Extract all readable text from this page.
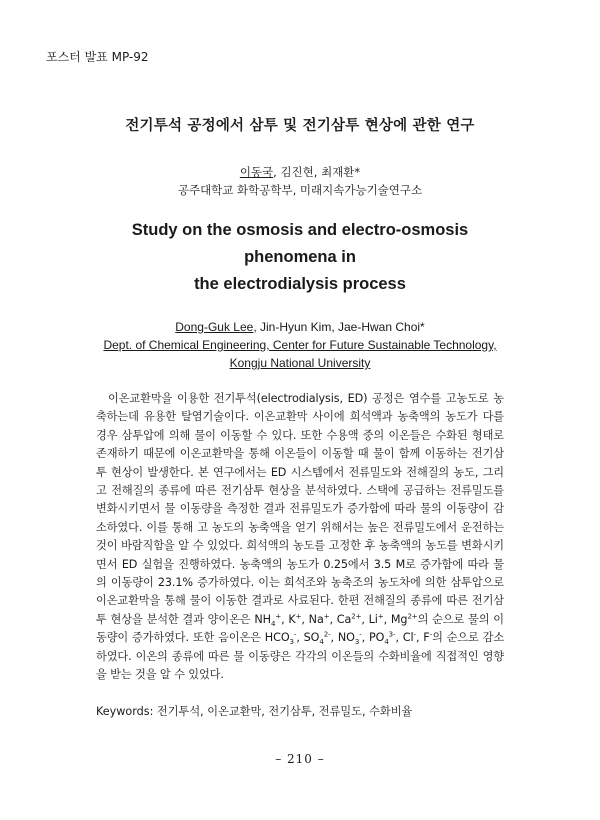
포스터 발표 MP-92
전기투석 공정에서 삼투 및 전기삼투 현상에 관한 연구
이동국, 김진현, 최재환*
공주대학교 화학공학부, 미래지속가능기술연구소
Study on the osmosis and electro-osmosis phenomena in
the electrodialysis process
Dong-Guk Lee, Jin-Hyun Kim, Jae-Hwan Choi*
Dept. of Chemical Engineering, Center for Future Sustainable Technology,
Kongju National University
이온교환막을 이용한 전기투석(electrodialysis, ED) 공정은 염수를 고농도로 농축하는데 유용한 탈염기술이다. 이온교환막 사이에 희석액과 농축액의 농도가 다를 경우 삼투압에 의해 물이 이동할 수 있다. 또한 수용액 중의 이온들은 수화된 형태로 존재하기 때문에 이온교환막을 통해 이온들이 이동할 때 물이 함께 이동하는 전기삼투 현상이 발생한다. 본 연구에서는 ED 시스템에서 전류밀도와 전해질의 농도, 그리고 전해질의 종류에 따른 전기삼투 현상을 분석하였다. 스택에 공급하는 전류밀도를 변화시키면서 물 이동량을 측정한 결과 전류밀도가 증가함에 따라 물의 이동량이 감소하였다. 이를 통해 고 농도의 농축액을 얻기 위해서는 높은 전류밀도에서 운전하는 것이 바람직함을 알 수 있었다. 희석액의 농도를 고정한 후 농축액의 농도를 변화시키면서 ED 실험을 진행하였다. 농축액의 농도가 0.25에서 3.5 M로 증가함에 따라 물의 이동량이 23.1% 증가하였다. 이는 희석조와 농축조의 농도차에 의한 삼투압으로 이온교환막을 통해 물이 이동한 결과로 사료된다. 한편 전해질의 종류에 따른 전기삼투 현상을 분석한 결과 양이온은 $NH_4^+$, K+, Na+, $Ca^{2+}$, Li+, $Mg^{2+}$의 순으로 물의 이동량이 증가하였다. 또한 음이온은 $HCO_3^-$, $SO_4^{2-}$, $NO_3^-$, $PO_4^{3-}$, Cl-, F-의 순으로 감소하였다. 이온의 종류에 따른 물 이동량은 각각의 이온들의 수화비율에 직접적인 영향을 받는 것을 알 수 있었다.
Keywords: 전기투석, 이온교환막, 전기삼투, 전류밀도, 수화비율
– 210 –
